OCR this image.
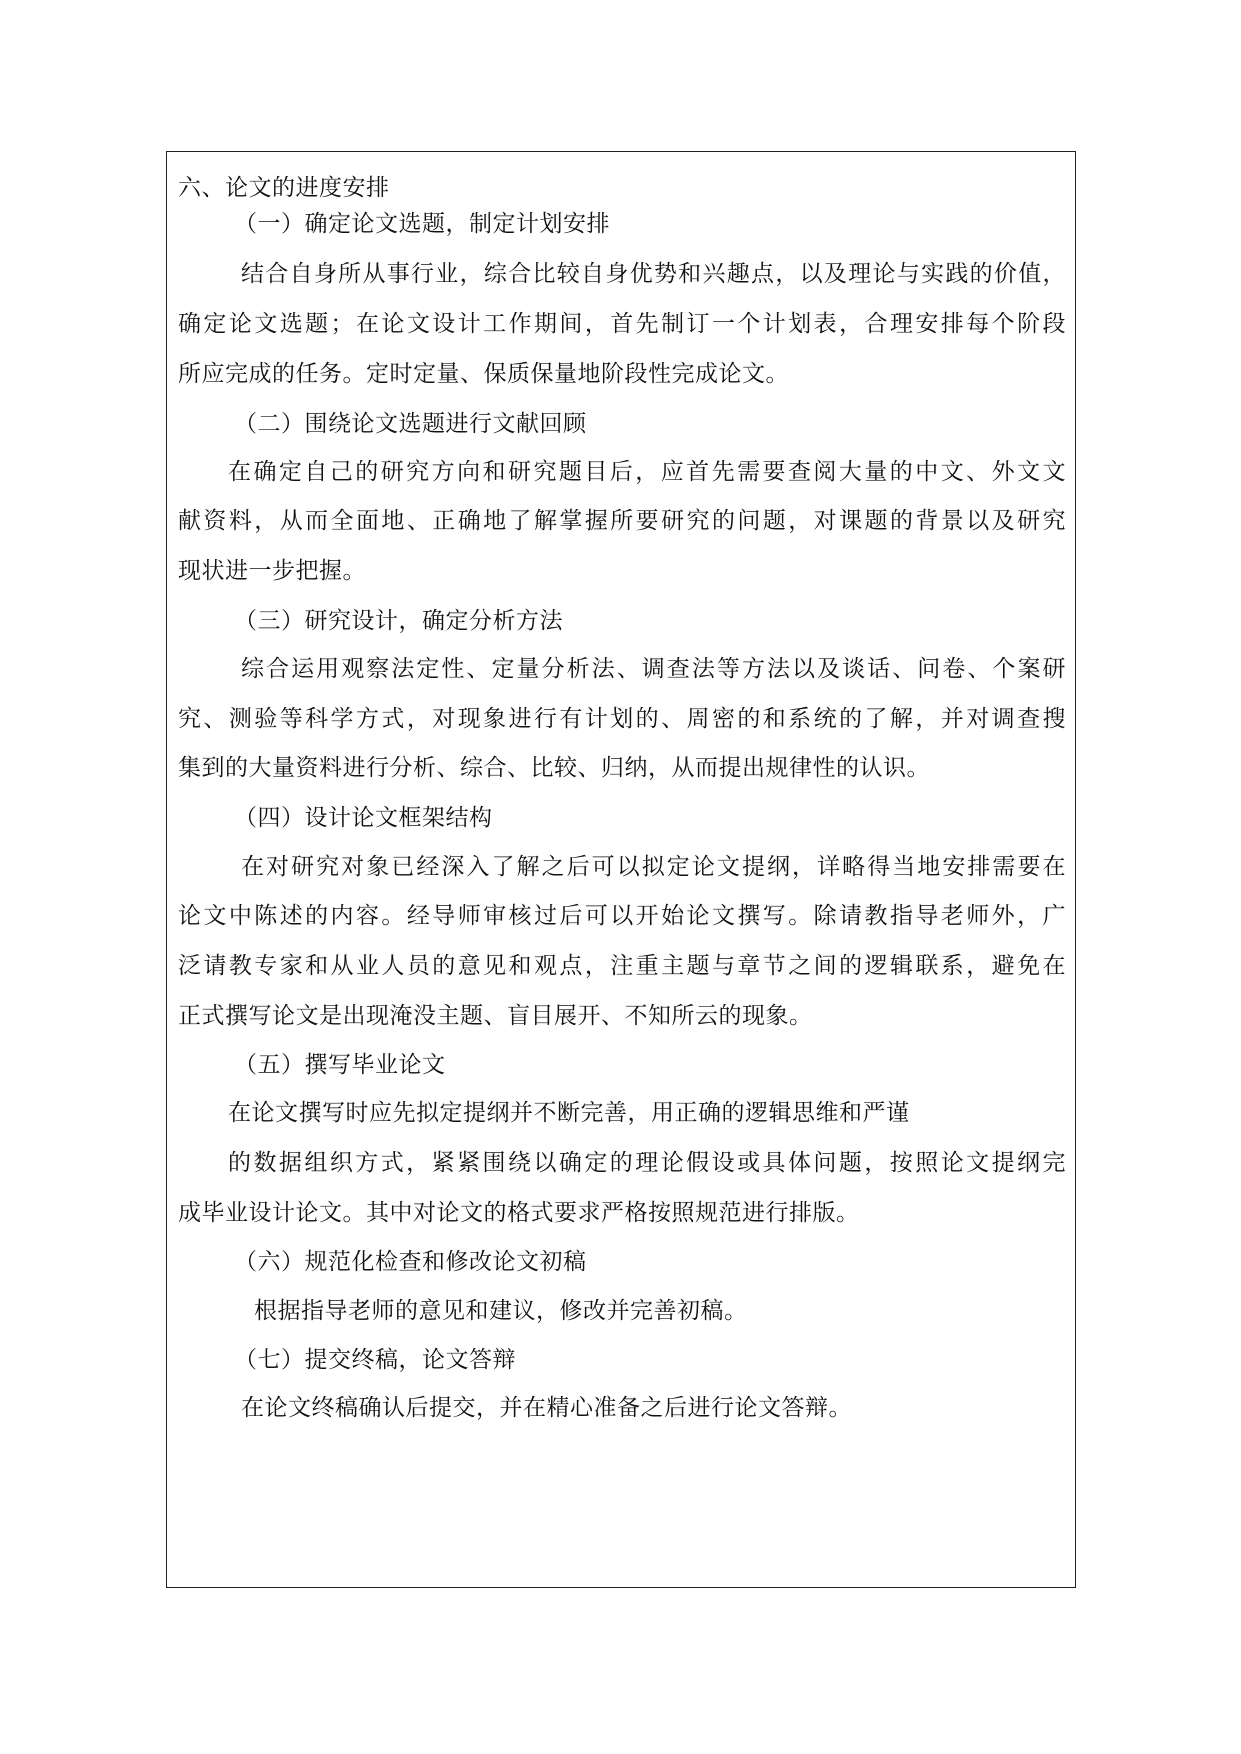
六、论文的进度安排
（一）确定论文选题，制定计划安排
结合自身所从事行业，综合比较自身优势和兴趣点，以及理论与实践的价值，
确定论文选题；在论文设计工作期间，首先制订一个计划表，合理安排每个阶段
所应完成的任务。定时定量、保质保量地阶段性完成论文。
（二）围绕论文选题进行文献回顾
在确定自己的研究方向和研究题目后，应首先需要查阅大量的中文、外文文
献资料，从而全面地、正确地了解掌握所要研究的问题，对课题的背景以及研究
现状进一步把握。
（三）研究设计，确定分析方法
综合运用观察法定性、定量分析法、调查法等方法以及谈话、问卷、个案研
究、测验等科学方式，对现象进行有计划的、周密的和系统的了解，并对调查搜
集到的大量资料进行分析、综合、比较、归纳，从而提出规律性的认识。
（四）设计论文框架结构
在对研究对象已经深入了解之后可以拟定论文提纲，详略得当地安排需要在
论文中陈述的内容。经导师审核过后可以开始论文撰写。除请教指导老师外，广
泛请教专家和从业人员的意见和观点，注重主题与章节之间的逻辑联系，避免在
正式撰写论文是出现淹没主题、盲目展开、不知所云的现象。
（五）撰写毕业论文
在论文撰写时应先拟定提纲并不断完善，用正确的逻辑思维和严谨
的数据组织方式，紧紧围绕以确定的理论假设或具体问题，按照论文提纲完
成毕业设计论文。其中对论文的格式要求严格按照规范进行排版。
（六）规范化检查和修改论文初稿
根据指导老师的意见和建议，修改并完善初稿。
（七）提交终稿，论文答辩
在论文终稿确认后提交，并在精心准备之后进行论文答辩。
